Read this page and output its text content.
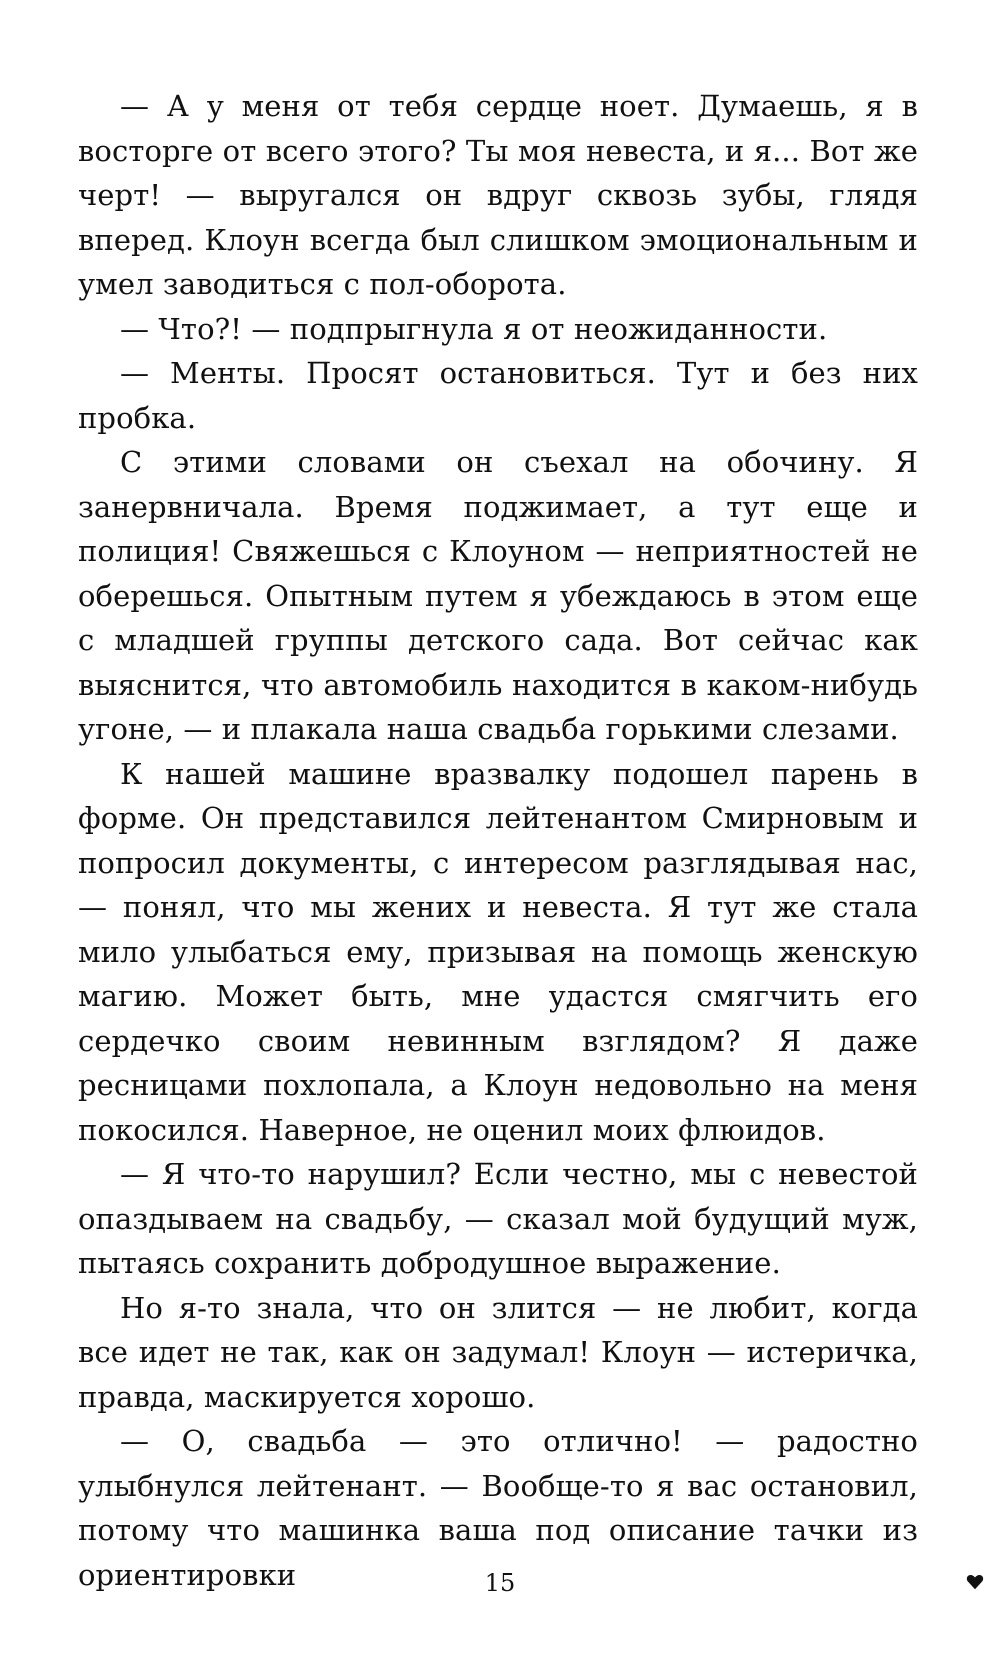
— А у меня от тебя сердце ноет. Думаешь, я в восторге от всего этого? Ты моя невеста, и я... Вот же черт! — выругался он вдруг сквозь зубы, глядя вперед. Клоун всегда был слишком эмоциональным и умел заводиться с пол-оборота.

— Что?! — подпрыгнула я от неожиданности.

— Менты. Просят остановиться. Тут и без них пробка.

С этими словами он съехал на обочину. Я занервничала. Время поджимает, а тут еще и полиция! Свяжешься с Клоуном — неприятностей не оберешься. Опытным путем я убеждаюсь в этом еще с младшей группы детского сада. Вот сейчас как выяснится, что автомобиль находится в каком-нибудь угоне, — и плакала наша свадьба горькими слезами.

К нашей машине вразвалку подошел парень в форме. Он представился лейтенантом Смирновым и попросил документы, с интересом разглядывая нас, — понял, что мы жених и невеста. Я тут же стала мило улыбаться ему, призывая на помощь женскую магию. Может быть, мне удастся смягчить его сердечко своим невинным взглядом? Я даже ресницами похлопала, а Клоун недовольно на меня покосился. Наверное, не оценил моих флюидов.

— Я что-то нарушил? Если честно, мы с невестой опаздываем на свадьбу, — сказал мой будущий муж, пытаясь сохранить добродушное выражение.

Но я-то знала, что он злится — не любит, когда все идет не так, как он задумал! Клоун — истеричка, правда, маскируется хорошо.

— О, свадьба — это отлично! — радостно улыбнулся лейтенант. — Вообще-то я вас остановил, потому что машинка ваша под описание тачки из ориентировки	15
